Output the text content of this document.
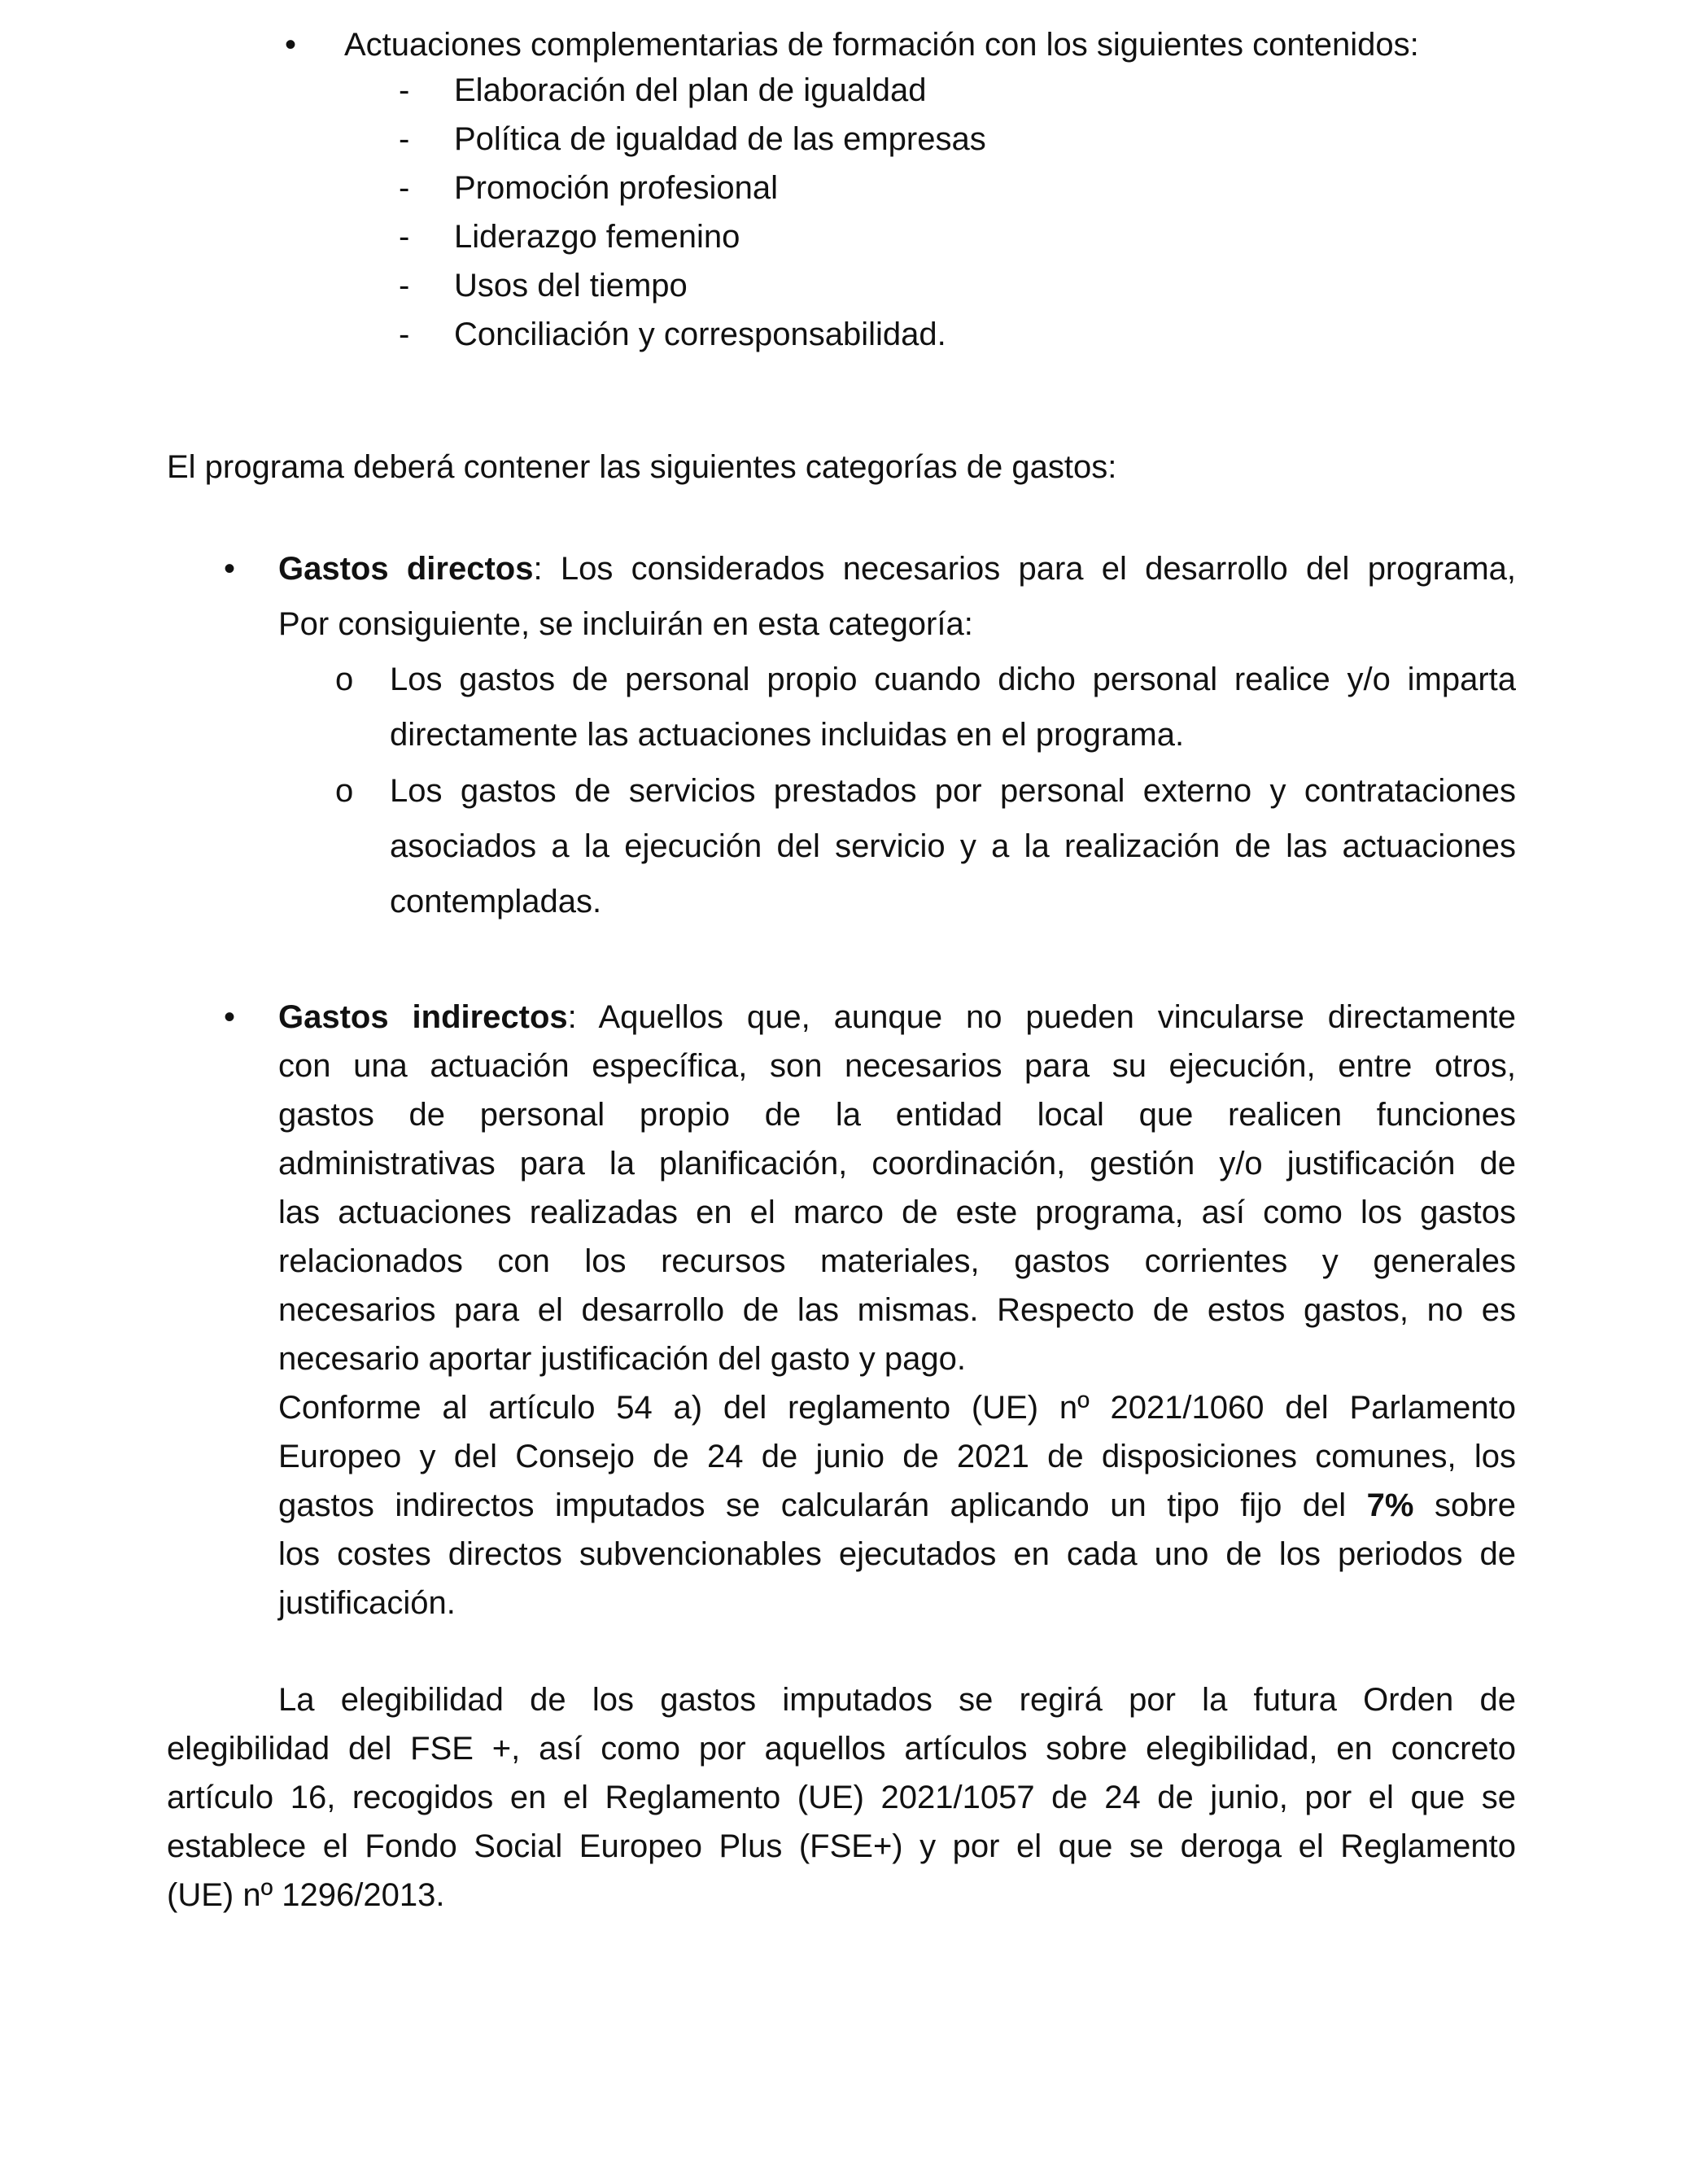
• Actuaciones complementarias de formación con los siguientes contenidos:
- Elaboración del plan de igualdad
- Política de igualdad de las empresas
- Promoción profesional
- Liderazgo femenino
- Usos del tiempo
- Conciliación y corresponsabilidad.
El programa deberá contener las siguientes categorías de gastos:
• Gastos directos: Los considerados necesarios para el desarrollo del programa,
Por consiguiente, se incluirán en esta categoría:
o Los gastos de personal propio cuando dicho personal realice y/o imparta
directamente las actuaciones incluidas en el programa.
o Los gastos de servicios prestados por personal externo y contrataciones
asociados a la ejecución del servicio y a la realización de las actuaciones
contempladas.
• Gastos indirectos: Aquellos que, aunque no pueden vincularse directamente
con una actuación específica, son necesarios para su ejecución, entre otros,
gastos de personal propio de la entidad local que realicen funciones
administrativas para la planificación, coordinación, gestión y/o justificación de
las actuaciones realizadas en el marco de este programa, así como los gastos
relacionados con los recursos materiales, gastos corrientes y generales
necesarios para el desarrollo de las mismas. Respecto de estos gastos, no es
necesario aportar justificación del gasto y pago.
Conforme al artículo 54 a) del reglamento (UE) nº 2021/1060 del Parlamento
Europeo y del Consejo de 24 de junio de 2021 de disposiciones comunes, los
gastos indirectos imputados se calcularán aplicando un tipo fijo del 7% sobre
los costes directos subvencionables ejecutados en cada uno de los periodos de
justificación.
La elegibilidad de los gastos imputados se regirá por la futura Orden de
elegibilidad del FSE +, así como por aquellos artículos sobre elegibilidad, en concreto
artículo 16, recogidos en el Reglamento (UE) 2021/1057 de 24 de junio, por el que se
establece el Fondo Social Europeo Plus (FSE+) y por el que se deroga el Reglamento
(UE) nº 1296/2013.
